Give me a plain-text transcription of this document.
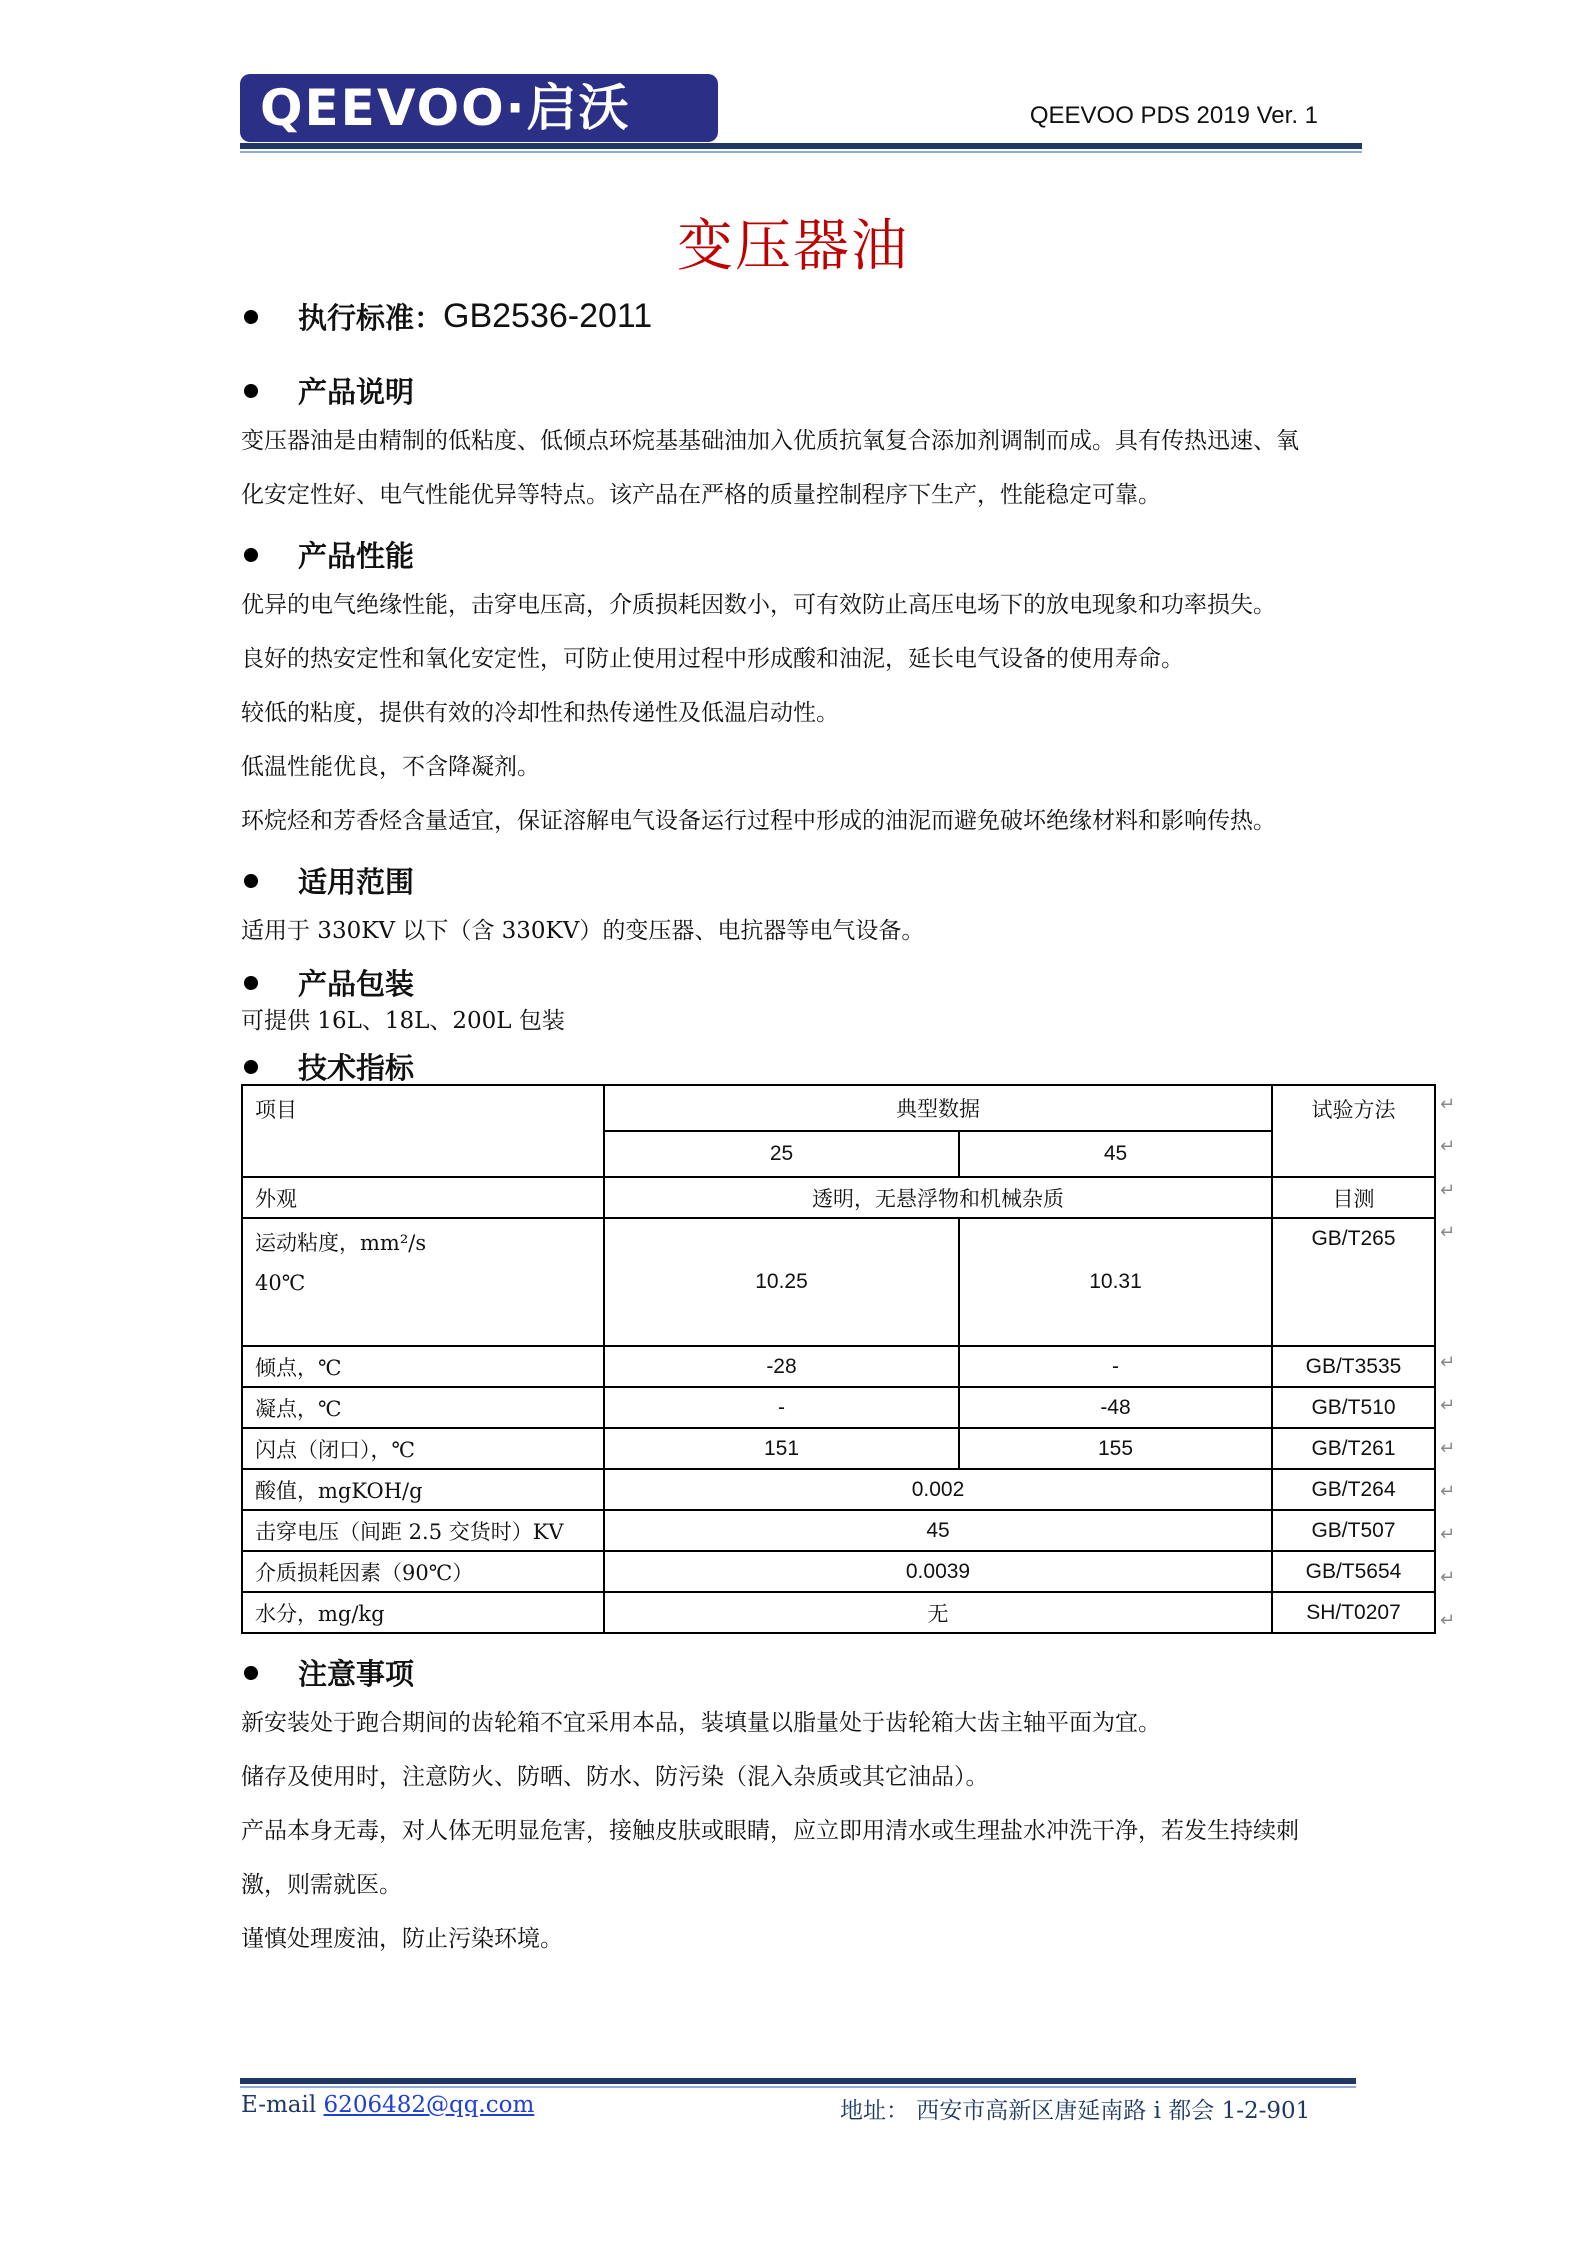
QEEVOO·启沃	QEEVOO PDS 2019 Ver. 1
变压器油
执行标准： GB2536-2011
产品说明
变压器油是由精制的低粘度、低倾点环烷基基础油加入优质抗氧复合添加剂调制而成。具有传热迅速、氧
化安定性好、电气性能优异等特点。该产品在严格的质量控制程序下生产，性能稳定可靠。
产品性能
优异的电气绝缘性能，击穿电压高，介质损耗因数小，可有效防止高压电场下的放电现象和功率损失。
良好的热安定性和氧化安定性，可防止使用过程中形成酸和油泥，延长电气设备的使用寿命。
较低的粘度，提供有效的冷却性和热传递性及低温启动性。
低温性能优良，不含降凝剂。
环烷烃和芳香烃含量适宜，保证溶解电气设备运行过程中形成的油泥而避免破坏绝缘材料和影响传热。
适用范围
适用于 330KV 以下（含 330KV）的变压器、电抗器等电气设备。
产品包装
可提供 16L、18L、200L 包装
技术指标
项目	典型数据		试验方法
	25	45	
外观	透明，无悬浮物和机械杂质		目测

运动粘度，mm²/s
40℃	10.25	10.31	GB/T265
倾点，℃	-28	-	GB/T3535
凝点，℃	-	-48	GB/T510
闪点（闭口），℃	151	155	GB/T261
酸值，mgKOH/g	0.002		GB/T264
击穿电压（间距 2.5 交货时）KV	45		GB/T507
介质损耗因素（90℃）	0.0039		GB/T5654
水分，mg/kg	无		SH/T0207
↵
↵
↵
↵
↵
↵
↵
↵
↵
↵
↵
注意事项
新安装处于跑合期间的齿轮箱不宜采用本品，装填量以脂量处于齿轮箱大齿主轴平面为宜。
储存及使用时，注意防火、防晒、防水、防污染（混入杂质或其它油品）。
产品本身无毒，对人体无明显危害，接触皮肤或眼睛，应立即用清水或生理盐水冲洗干净，若发生持续刺
激，则需就医。
谨慎处理废油，防止污染环境。
E-mail 6206482@qq.com	地址： 西安市高新区唐延南路 i 都会 1-2-901
